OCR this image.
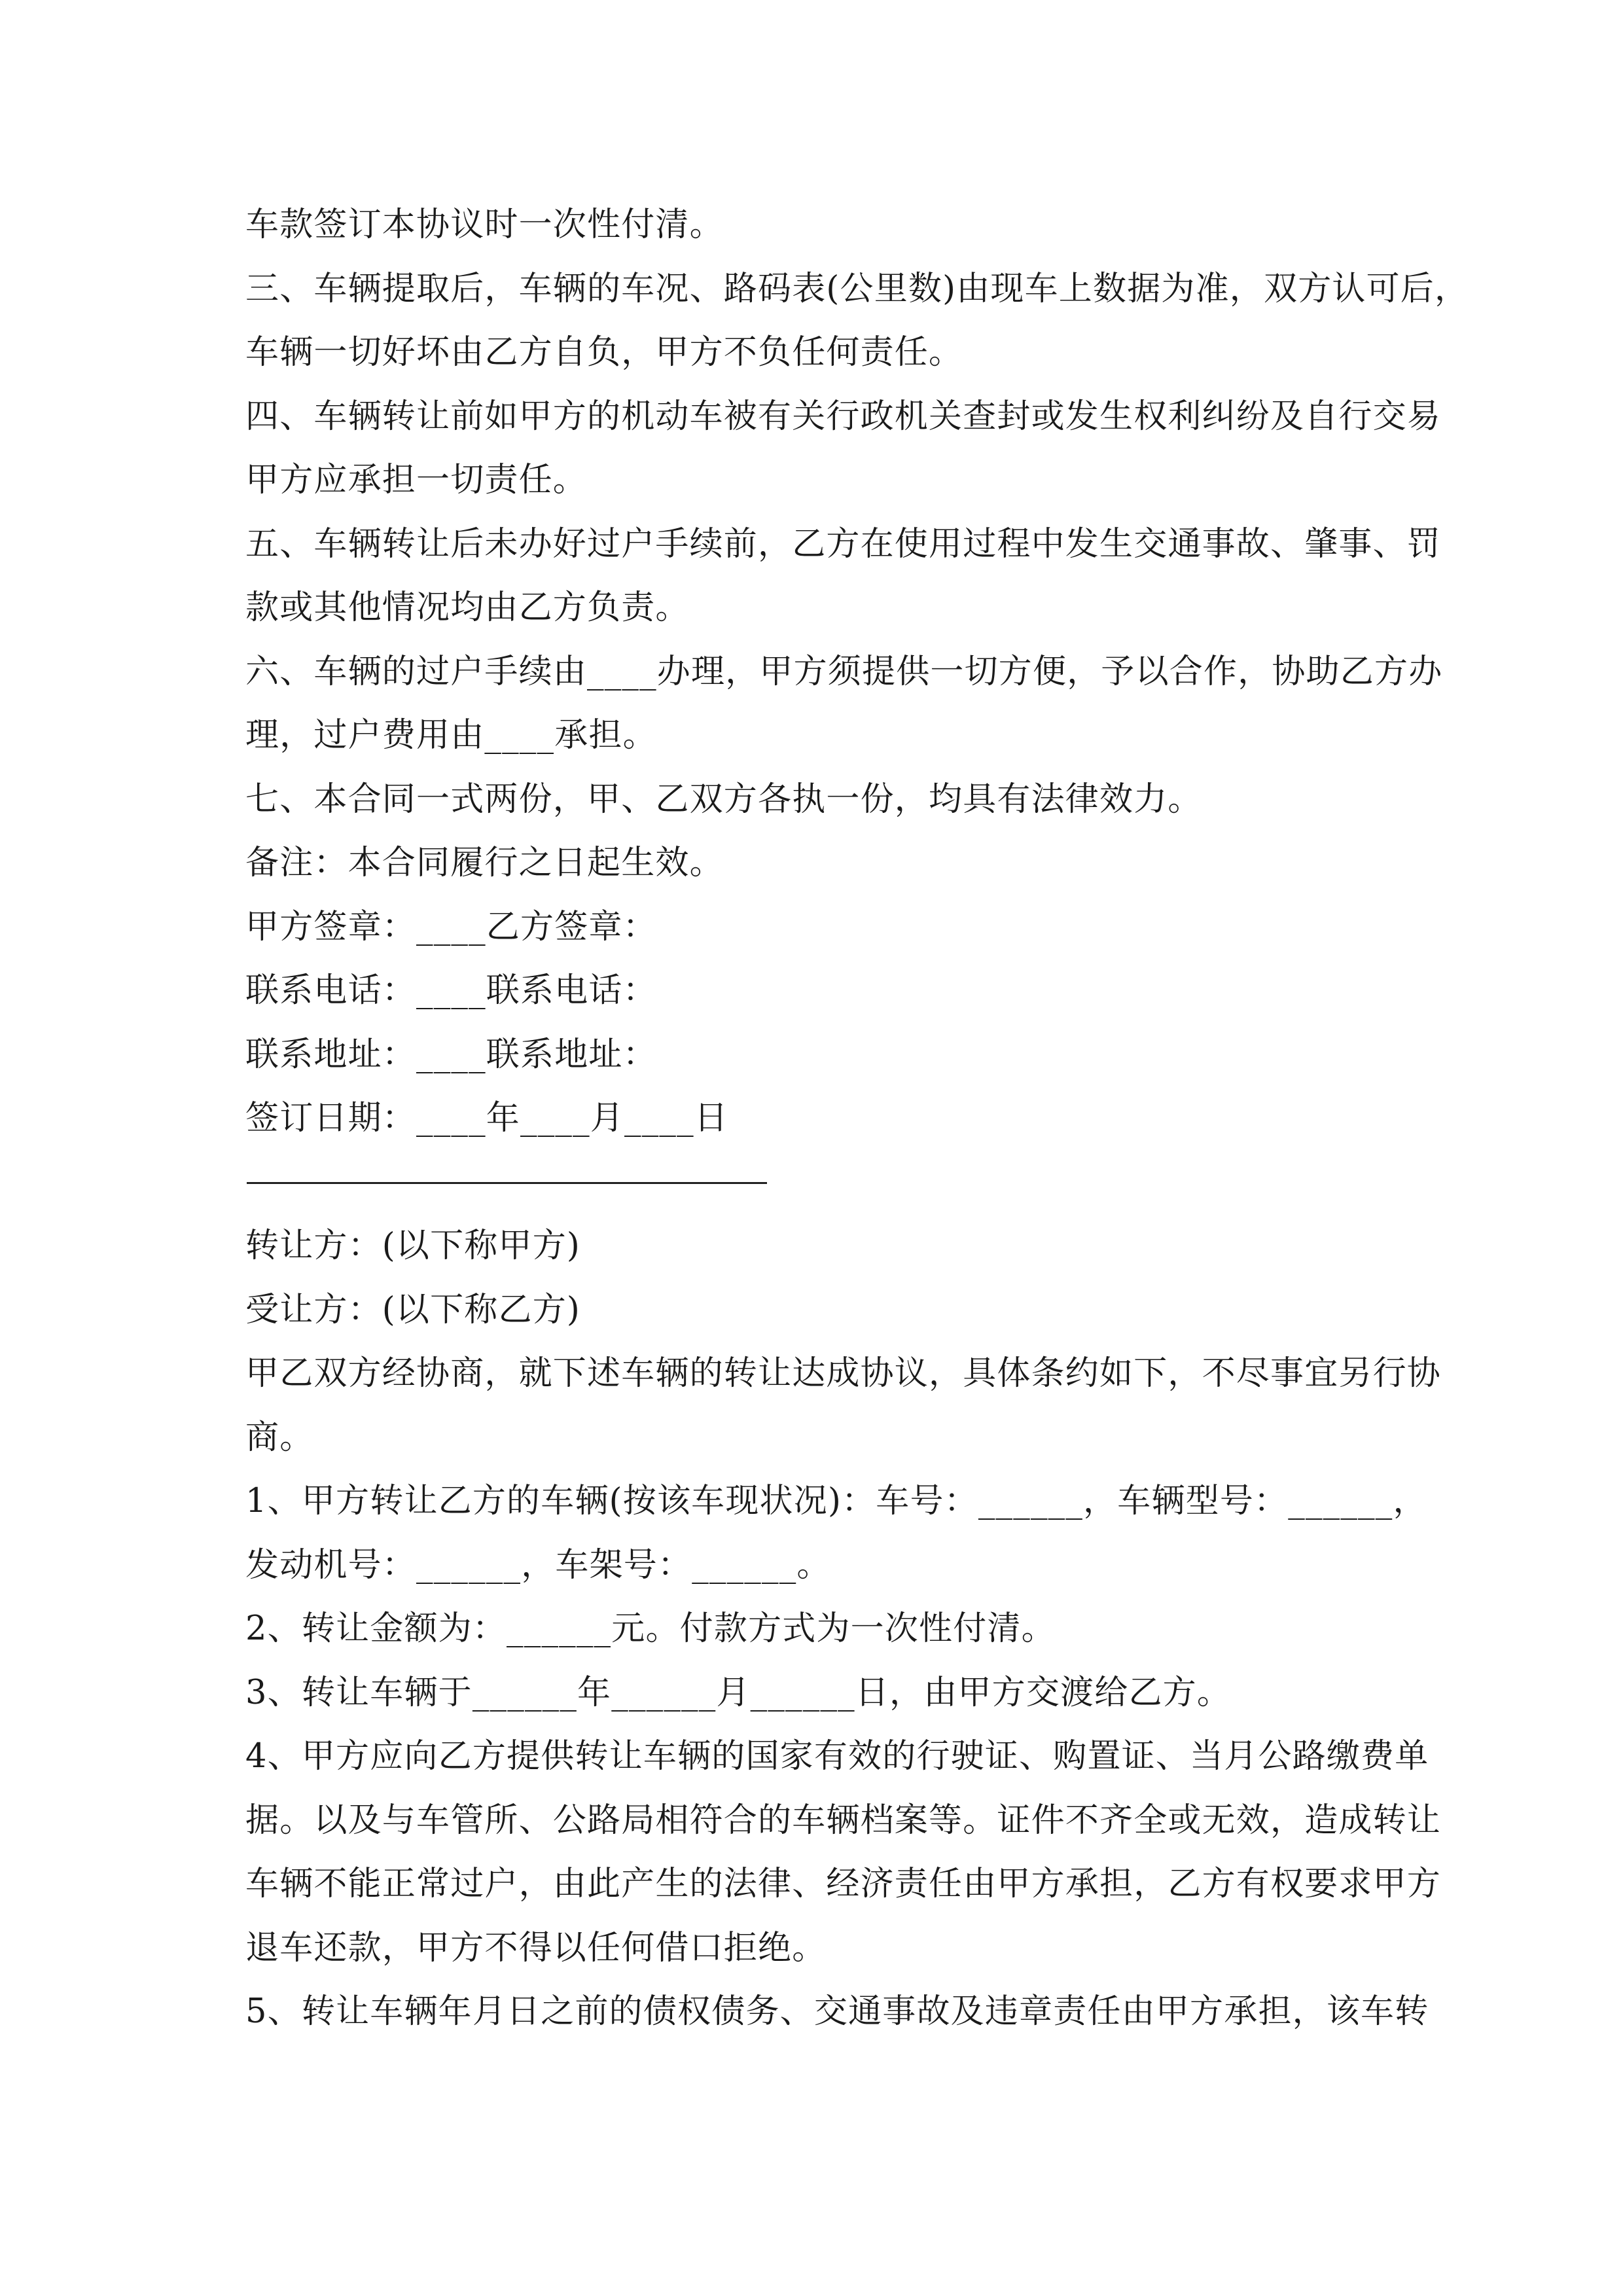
车款签订本协议时一次性付清。
三、车辆提取后，车辆的车况、路码表(公里数)由现车上数据为准，双方认可后，
车辆一切好坏由乙方自负，甲方不负任何责任。
四、车辆转让前如甲方的机动车被有关行政机关查封或发生权利纠纷及自行交易
甲方应承担一切责任。
五、车辆转让后未办好过户手续前，乙方在使用过程中发生交通事故、肇事、罚
款或其他情况均由乙方负责。
六、车辆的过户手续由____办理，甲方须提供一切方便，予以合作，协助乙方办
理，过户费用由____承担。
七、本合同一式两份，甲、乙双方各执一份，均具有法律效力。
备注：本合同履行之日起生效。
甲方签章：____乙方签章：
联系电话：____联系电话：
联系地址：____联系地址：
签订日期：____年____月____日
转让方：(以下称甲方)
受让方：(以下称乙方)
甲乙双方经协商，就下述车辆的转让达成协议，具体条约如下，不尽事宜另行协
商。
1、甲方转让乙方的车辆(按该车现状况)：车号：______，车辆型号：______，
发动机号：______，车架号：______。
2、转让金额为：______元。付款方式为一次性付清。
3、转让车辆于______年______月______日，由甲方交渡给乙方。
4、甲方应向乙方提供转让车辆的国家有效的行驶证、购置证、当月公路缴费单
据。以及与车管所、公路局相符合的车辆档案等。证件不齐全或无效，造成转让
车辆不能正常过户，由此产生的法律、经济责任由甲方承担，乙方有权要求甲方
退车还款，甲方不得以任何借口拒绝。
5、转让车辆年月日之前的债权债务、交通事故及违章责任由甲方承担，该车转
